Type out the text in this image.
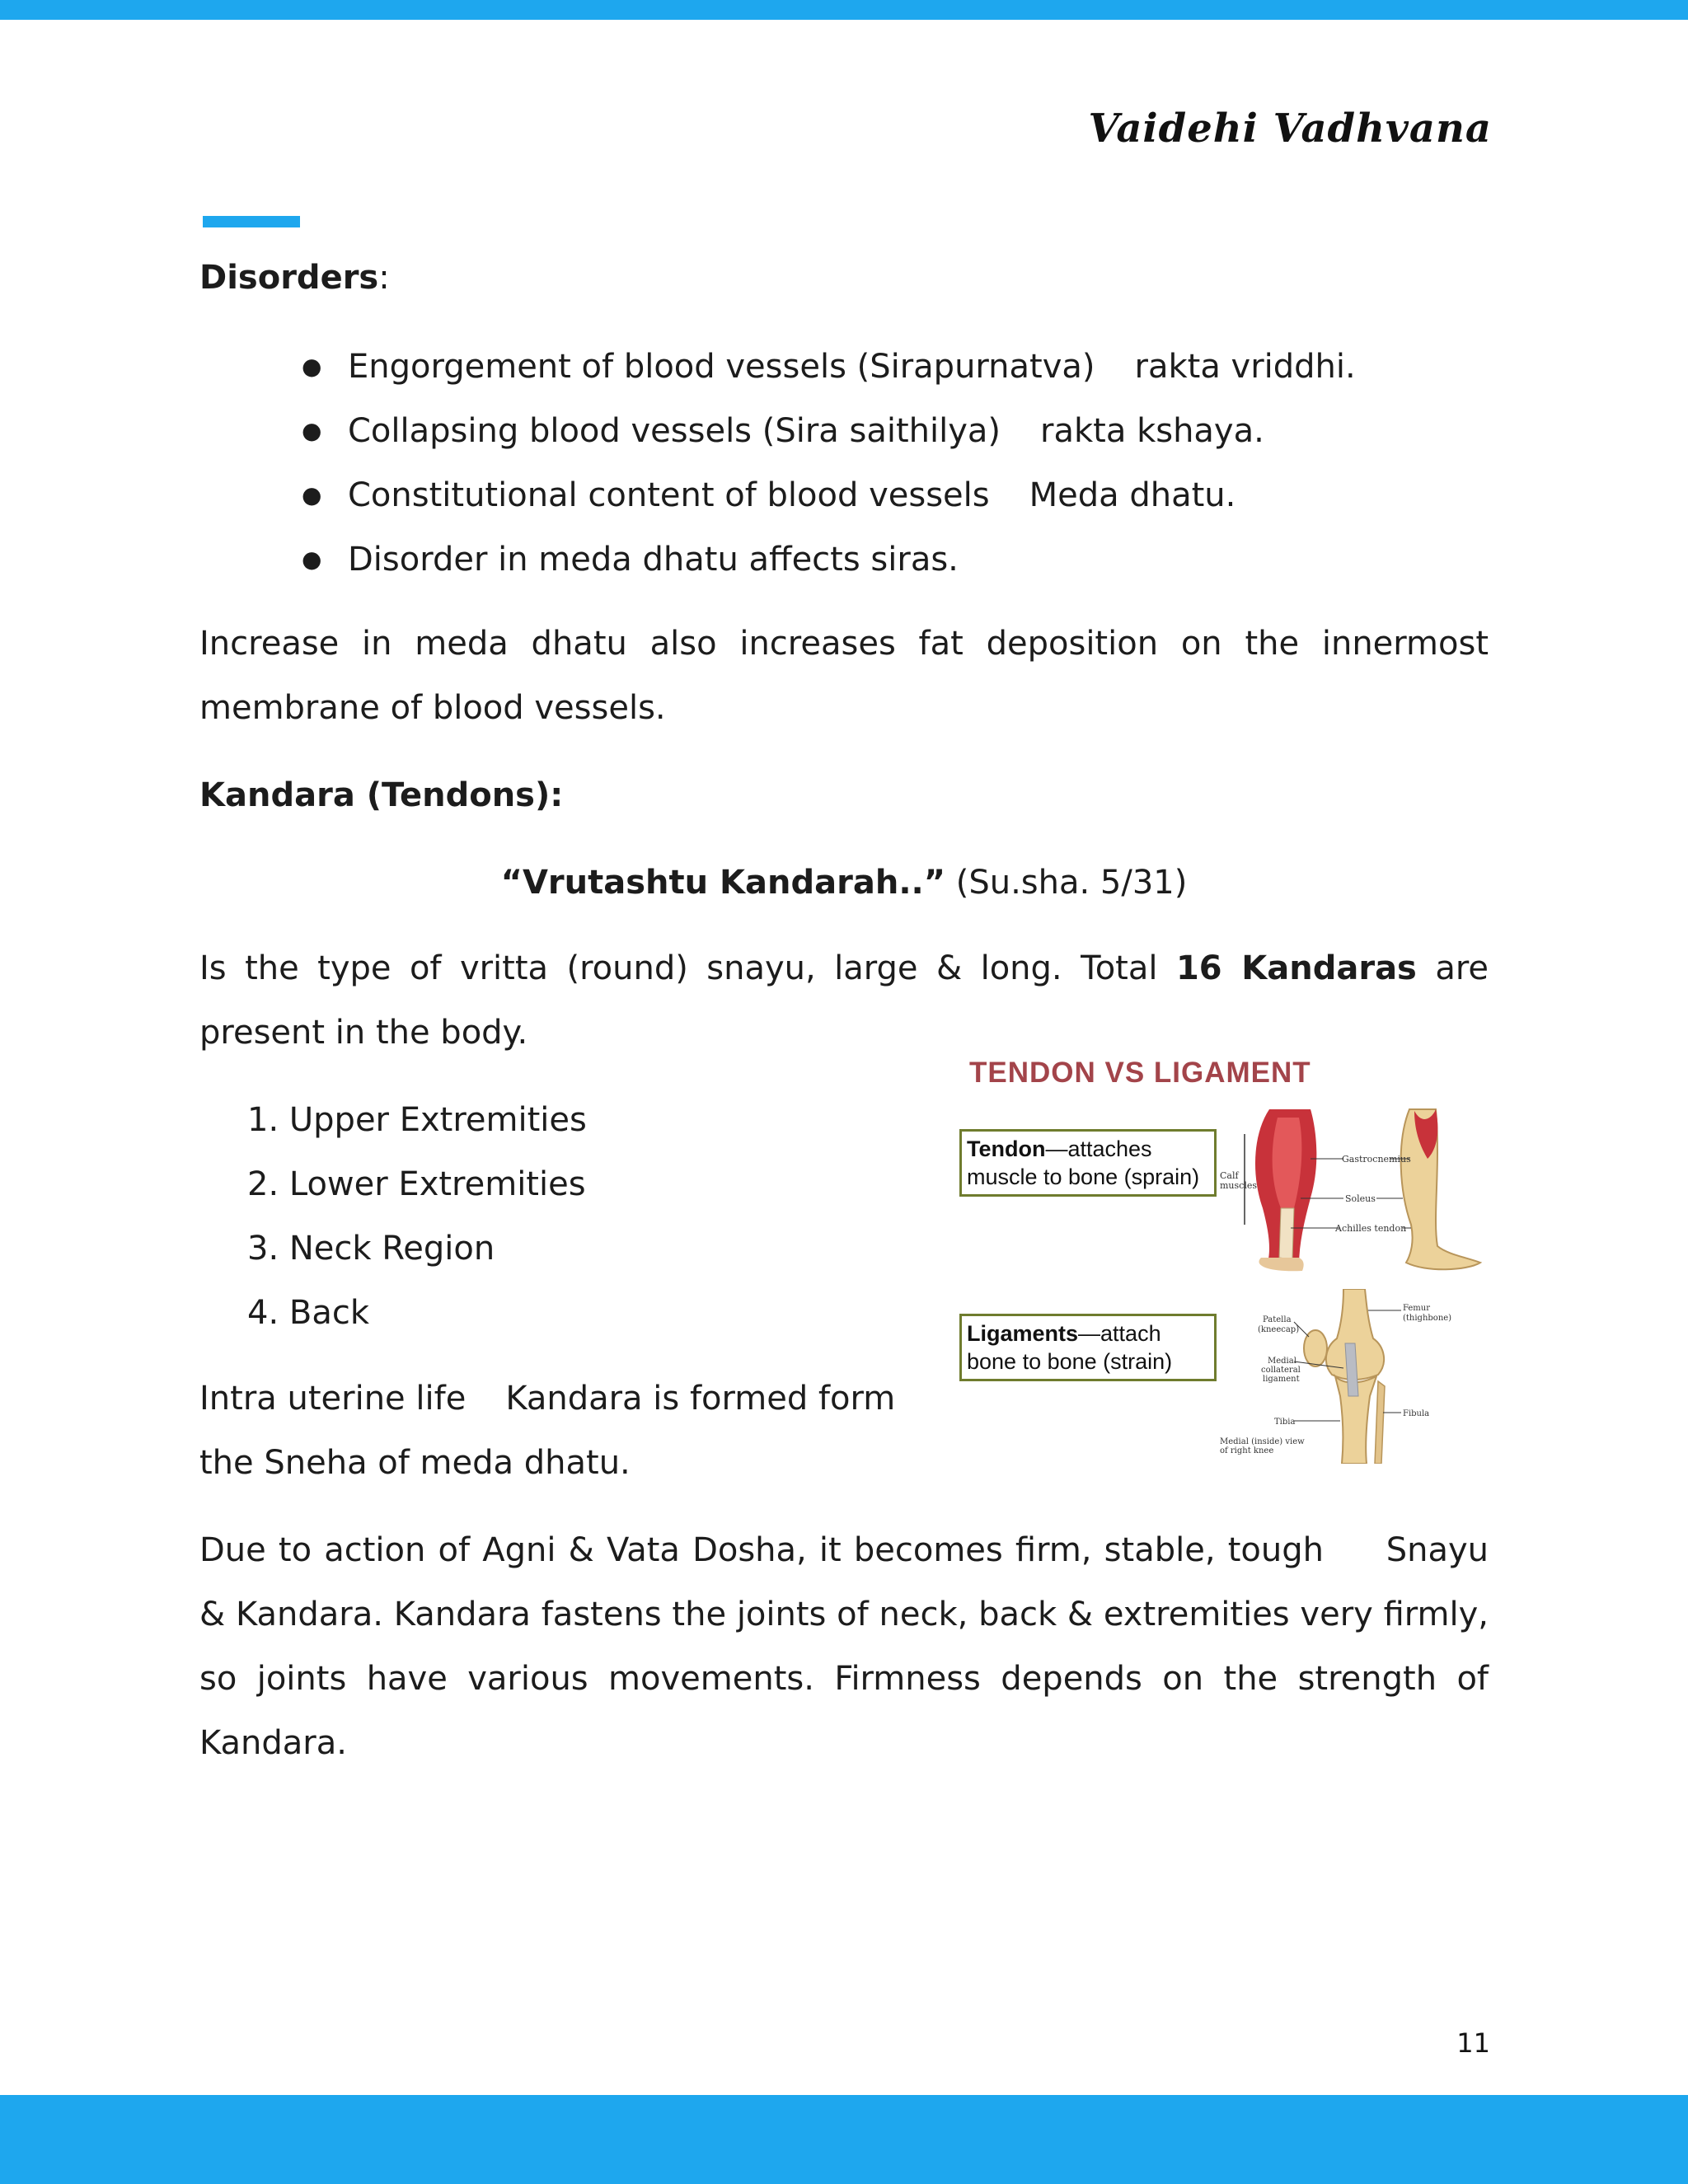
Vaidehi Vadhvana
Disorders:
● Engorgement of blood vessels (Sirapurnatva) rakta vriddhi.
● Collapsing blood vessels (Sira saithilya) rakta kshaya.
● Constitutional content of blood vessels Meda dhatu.
● Disorder in meda dhatu affects siras.
Increase in meda dhatu also increases fat deposition on the innermost membrane of blood vessels.
Kandara (Tendons):
“Vrutashtu Kandarah..” (Su.sha. 5/31)
Is the type of vritta (round) snayu, large & long. Total 16 Kandaras are present in the body.
1. Upper Extremities
2. Lower Extremities
3. Neck Region
4. Back
Intra uterine life Kandara is formed form
the Sneha of meda dhatu.
Due to action of Agni & Vata Dosha, it becomes firm, stable, tough     Snayu & Kandara. Kandara fastens the joints of neck, back & extremities very firmly, so joints have various movements. Firmness depends on the strength of Kandara.
TENDON VS LIGAMENT
Tendon—attaches
muscle to bone (sprain)
Ligaments—attach
bone to bone (strain)
Calf
muscles
Gastrocnemius
Soleus
Achilles tendon
Patella
(kneecap)
Medial
collateral
ligament
Tibia
Femur
(thighbone)
Fibula
Medial (inside) view
of right knee
11
